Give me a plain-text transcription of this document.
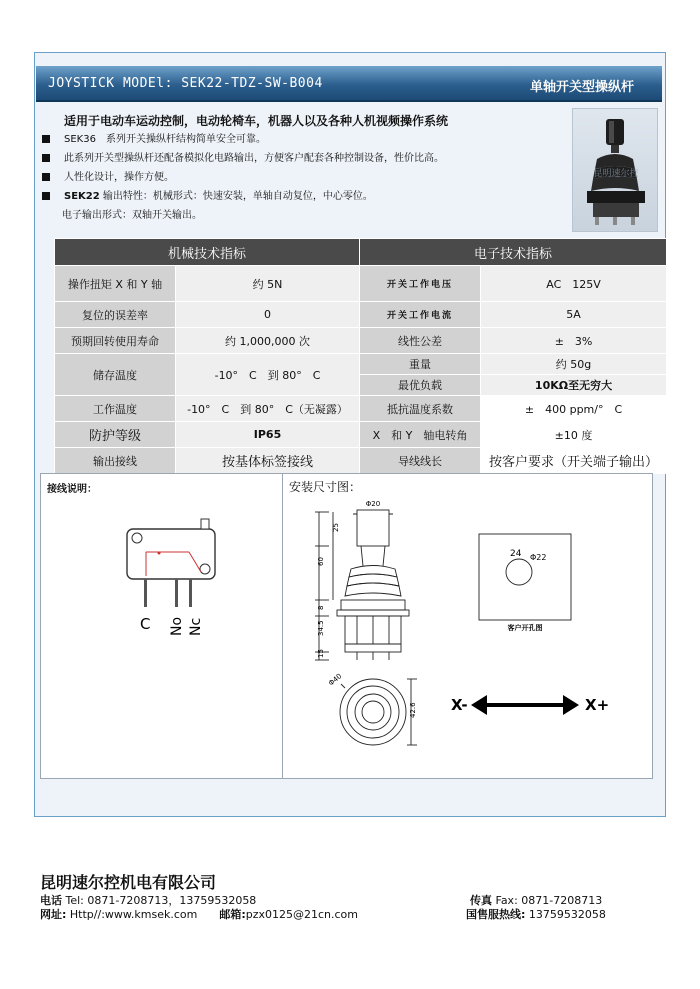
JOYSTICK MODEl: SEK22-TDZ-SW-B004	单轴开关型操纵杆
适用于电动车运动控制，电动轮椅车，机器人以及各种人机视频操作系统
SEK36　系列开关操纵杆结构简单安全可靠。
此系列开关型操纵杆还配备模拟化电路输出，方便客户配套各种控制设备，性价比高。
人性化设计，操作方便。
SEK22 输出特性：机械形式：快速安装，单轴自动复位，中心零位。
电子输出形式：双轴开关输出。
昆明速尔控
机械技术指标		电子技术指标	
操作扭矩 X 和 Y 轴	约 5N	开关工作电压	AC　125V
复位的误差率	0	开关工作电流	5A
预期回转使用寿命	约 1,000,000 次	线性公差	±　3%
储存温度	-10°　C　到 80°　C	重量	约 50g
		最优负载	10KΩ至无穷大
工作温度	-10°　C　到 80°　C（无凝露）	抵抗温度系数	±　400 ppm/°　C
防护等级	IP65	X　和 Y　轴电转角	±10 度
输出接线	按基体标签接线	导线线长	按客户要求（开关端子输出）
接线说明：
C No Nc
安装尺寸图：
Φ20
25
60
8
34.5
15
Φ40
42.6
24 Φ22
客户开孔图
X-	X+
昆明速尔控机电有限公司
电话 Tel: 0871-7208713，13759532058	传真 Fax: 0871-7208713
网址: Http//:www.kmsek.com　　 邮箱:pzx0125@21cn.com	国售服热线: 13759532058
